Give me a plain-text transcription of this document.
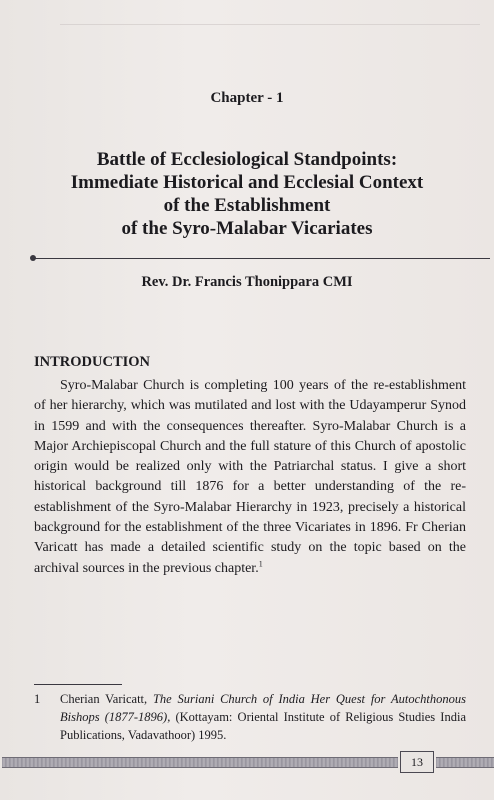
Chapter - 1
Battle of Ecclesiological Standpoints:
Immediate Historical and Ecclesial Context
of the Establishment
of the Syro-Malabar Vicariates
Rev. Dr. Francis Thonippara CMI
INTRODUCTION
Syro-Malabar Church is completing 100 years of the re-establishment of her hierarchy, which was mutilated and lost with the Udayamperur Synod in 1599 and with the consequences thereafter. Syro-Malabar Church is a Major Archiepiscopal Church and the full stature of this Church of apostolic origin would be realized only with the Patriarchal status. I give a short historical background till 1876 for a better understanding of the re-establishment of the Syro-Malabar Hierarchy in 1923, precisely a historical background for the establishment of the three Vicariates in 1896. Fr Cherian Varicatt has made a detailed scientific study on the topic based on the archival sources in the previous chapter.$^1$
1	Cherian Varicatt, The Suriani Church of India Her Quest for Autochthonous Bishops (1877-1896), (Kottayam: Oriental Institute of Religious Studies India Publications, Vadavathoor) 1995.
13
